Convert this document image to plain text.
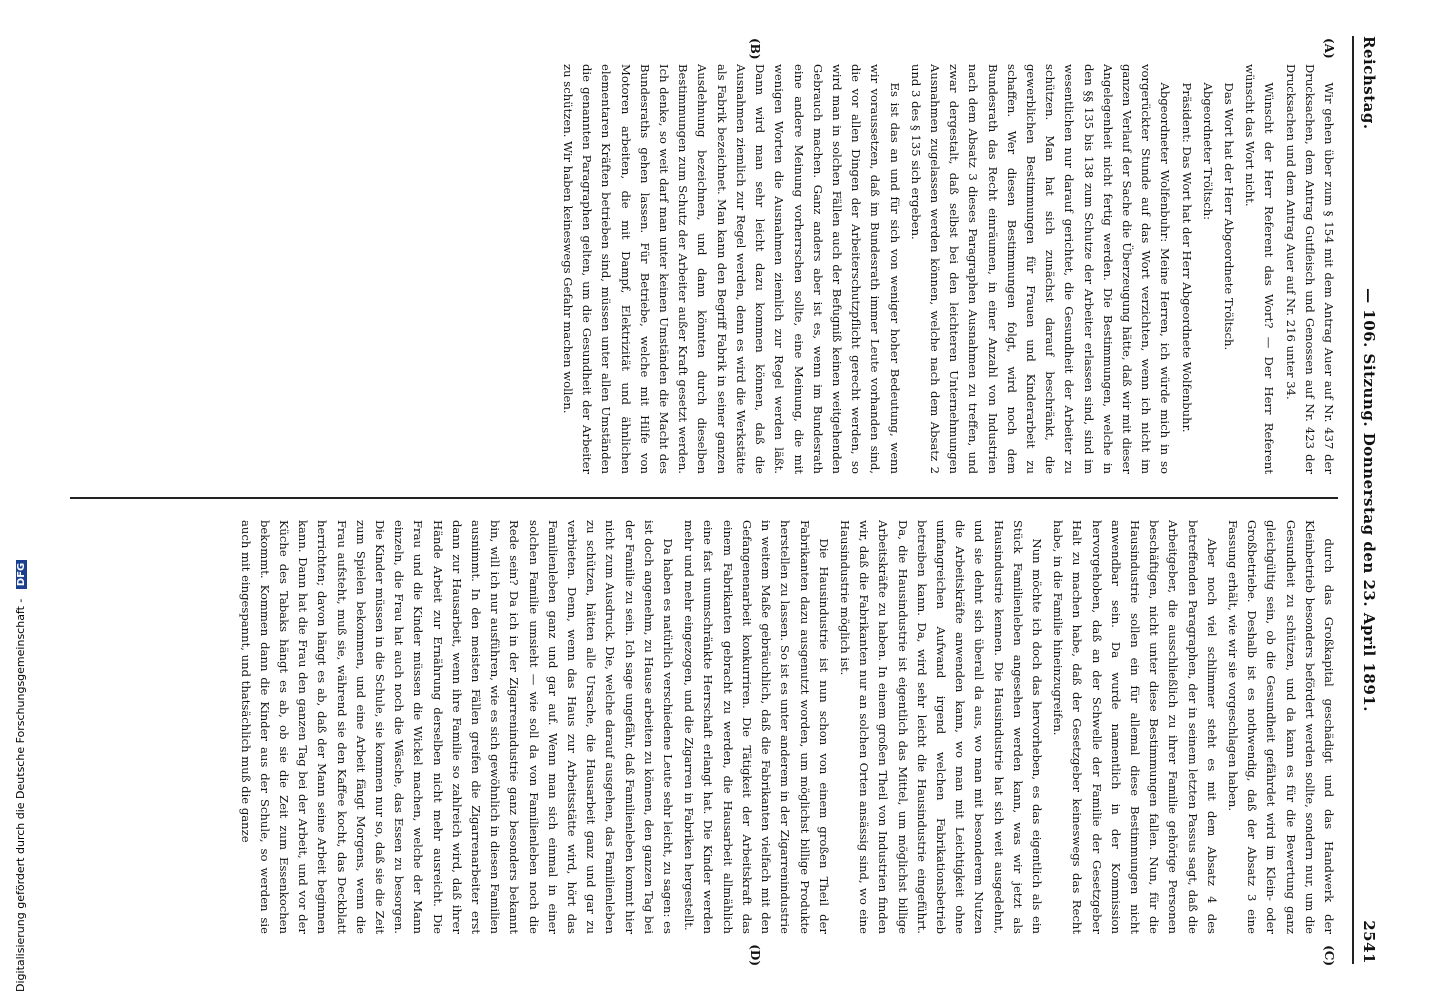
Reichstag.
— 106. Sitzung. Donnerstag den 23. April 1891.
2541
(A)
(B)
(C)
(D)

Wir gehen über zum § 154 mit dem Antrag Auer auf Nr. 437 der Drucksachen, dem Antrag Gutfleisch und Genossen auf Nr. 423 der Drucksachen und dem Antrag Auer auf Nr. 216 unter 34.

Wünscht der Herr Referent das Wort? — Der Herr Referent wünscht das Wort nicht.

Das Wort hat der Herr Abgeordnete Tröltsch.

Abgeordneter Tröltsch:

Präsident: Das Wort hat der Herr Abgeordnete Wolfenbuhr.

Abgeordneter Wolfenbuhr: Meine Herren, ich würde mich in so vorgerückter Stunde auf das Wort verzichten, wenn ich nicht im ganzen Verlauf der Sache die Überzeugung hätte, daß wir mit dieser Angelegenheit nicht fertig werden. Die Bestimmungen, welche in den §§ 135 bis 138 zum Schutze der Arbeiter erlassen sind, sind im wesentlichen nur darauf gerichtet, die Gesundheit der Arbeiter zu schützen. Man hat sich zunächst darauf beschränkt, die gewerblichen Bestimmungen für Frauen und Kinderarbeit zu schaffen. Wer diesen Bestimmungen folgt, wird noch dem Bundesrath das Recht einräumen, in einer Anzahl von Industrien nach dem Absatz 3 dieses Paragraphen Ausnahmen zu treffen, und zwar dergestalt, daß selbst bei den leichteren Unternehmungen Ausnahmen zugelassen werden können, welche nach dem Absatz 2 und 3 des § 135 sich ergeben.

Es ist das an und für sich von weniger hoher Bedeutung, wenn wir voraussetzen, daß im Bundesrath immer Leute vorhanden sind, die vor allen Dingen der Arbeiterschutzpflicht gerecht werden, so wird man in solchen Fällen auch der Befugniß keinen weitgehenden Gebrauch machen. Ganz anders aber ist es, wenn im Bundesrath eine andere Meinung vorherrschen sollte, eine Meinung, die mit wenigen Worten die Ausnahmen ziemlich zur Regel werden läßt. Dann wird man sehr leicht dazu kommen können, daß die Ausnahmen ziemlich zur Regel werden, denn es wird die Werkstätte als Fabrik bezeichnet. Man kann den Begriff Fabrik in seiner ganzen Ausdehnung bezeichnen, und dann könnten durch dieselben Bestimmungen zum Schutz der Arbeiter außer Kraft gesetzt werden. Ich denke, so weit darf man unter keinen Umständen die Macht des Bundesraths gehen lassen. Für Betriebe, welche mit Hilfe von Motoren arbeiten, die mit Dampf, Elektrizität und ähnlichen elementaren Kräften betrieben sind, müssen unter allen Umständen die genannten Paragraphen gelten, um die Gesundheit der Arbeiter zu schützen. Wir haben keineswegs Gefahr machen wollen.

durch das Großkapital geschädigt und das Handwerk der Kleinbetrieb besonders befördert werden sollte, sondern nur, um die Gesundheit zu schützen, und da kann es für die Bewertung ganz gleichgültig sein, ob die Gesundheit gefährdet wird im Klein- oder Großbetriebe. Deshalb ist es nothwendig, daß der Absatz 3 eine Fassung erhält, wie wir sie vorgeschlagen haben.

Aber noch viel schlimmer steht es mit dem Absatz 4 des betreffenden Paragraphen, der in seinem letzten Passus sagt, daß die Arbeitgeber, die ausschließlich zu ihrer Familie gehörige Personen beschäftigen, nicht unter diese Bestimmungen fallen. Nun, für die Hausindustrie sollen ein für allemal diese Bestimmungen nicht anwendbar sein. Da wurde namentlich in der Kommission hervorgehoben, daß an der Schwelle der Familie der Gesetzgeber Halt zu machen habe, daß der Gesetzgeber keineswegs das Recht habe, in die Familie hineinzugreifen.

Nun möchte ich doch das hervorheben, es das eigentlich als ein Stück Familienleben angesehen werden kann, was wir jetzt als Hausindustrie kennen. Die Hausindustrie hat sich weit ausgedehnt, und sie dehnt sich überall da aus, wo man mit besonderem Nutzen die Arbeitskräfte anwenden kann, wo man mit Leichtigkeit ohne umfangreichen Aufwand irgend welchen Fabrikationsbetrieb betreiben kann. Da, wird sehr leicht die Hausindustrie eingeführt. Da, die Hausindustrie ist eigentlich das Mittel, um möglichst billige Arbeitskräfte zu haben. In einem großen Theil von Industrien finden wir, daß die Fabrikanten nur an solchen Orten ansässig sind, wo eine Hausindustrie möglich ist.

Die Hausindustrie ist nun schon von einem großen Theil der Fabrikanten dazu ausgenutzt worden, um möglichst billige Produkte herstellen zu lassen. So ist es unter anderem in der Zigarrenindustrie in weitem Maße gebräuchlich, daß die Fabrikanten vielfach mit den Gefangenenarbeit konkurriren. Die Tätigkeit der Arbeitskraft das einem Fabrikanten gebracht zu werden, die Hausarbeit allmählich eine fast unumschränkte Herrschaft erlangt hat. Die Kinder werden mehr und mehr eingezogen, und die Zigarren in Fabriken hergestellt.

Da haben es natürlich verschiedene Leute sehr leicht, zu sagen: es ist doch angenehm, zu Hause arbeiten zu können, den ganzen Tag bei der Familie zu sein. Ich sage ungefähr, daß Familienleben kommt hier nicht zum Ausdruck. Die, welche darauf ausgehen, das Familienleben zu schützen, hätten alle Ursache, die Hausarbeit ganz und gar zu verbieten. Denn, wenn das Haus zur Arbeitsstätte wird, hört das Familienleben ganz und gar auf. Wenn man sich einmal in einer solchen Familie umsieht — wie soll da von Familienleben noch die Rede sein? Da ich in der Zigarrenindustrie ganz besonders bekannt bin, will ich nur ausführen, wie es sich gewöhnlich in diesen Familien ausnimmt. In den meisten Fällen greifen die Zigarrenarbeiter erst dann zur Hausarbeit, wenn ihre Familie so zahlreich wird, daß ihrer Hände Arbeit zur Ernährung derselben nicht mehr ausreicht. Die Frau und die Kinder müssen die Wickel machen, welche der Mann einzeln, die Frau hat auch noch die Wäsche, das Essen zu besorgen. Die Kinder müssen in die Schule, sie kommen nur so, daß sie die Zeit zum Spielen bekommen, und eine Arbeit fängt Morgens, wenn die Frau aufsteht, muß sie, während sie den Kaffee kocht, das Deckblatt herrichten; davon hängt es ab, daß der Mann seine Arbeit beginnen kann. Dann hat die Frau den ganzen Tag bei der Arbeit, und vor der Küche des Tabaks hängt es ab, ob sie die Zeit zum Essenkochen bekommt. Kommen dann die Kinder aus der Schule, so werden sie auch mit eingespannt, und thatsächlich muß die ganze

Digitalisierung gefördert durch die Deutsche Forschungsgemeinschaft - DFG
